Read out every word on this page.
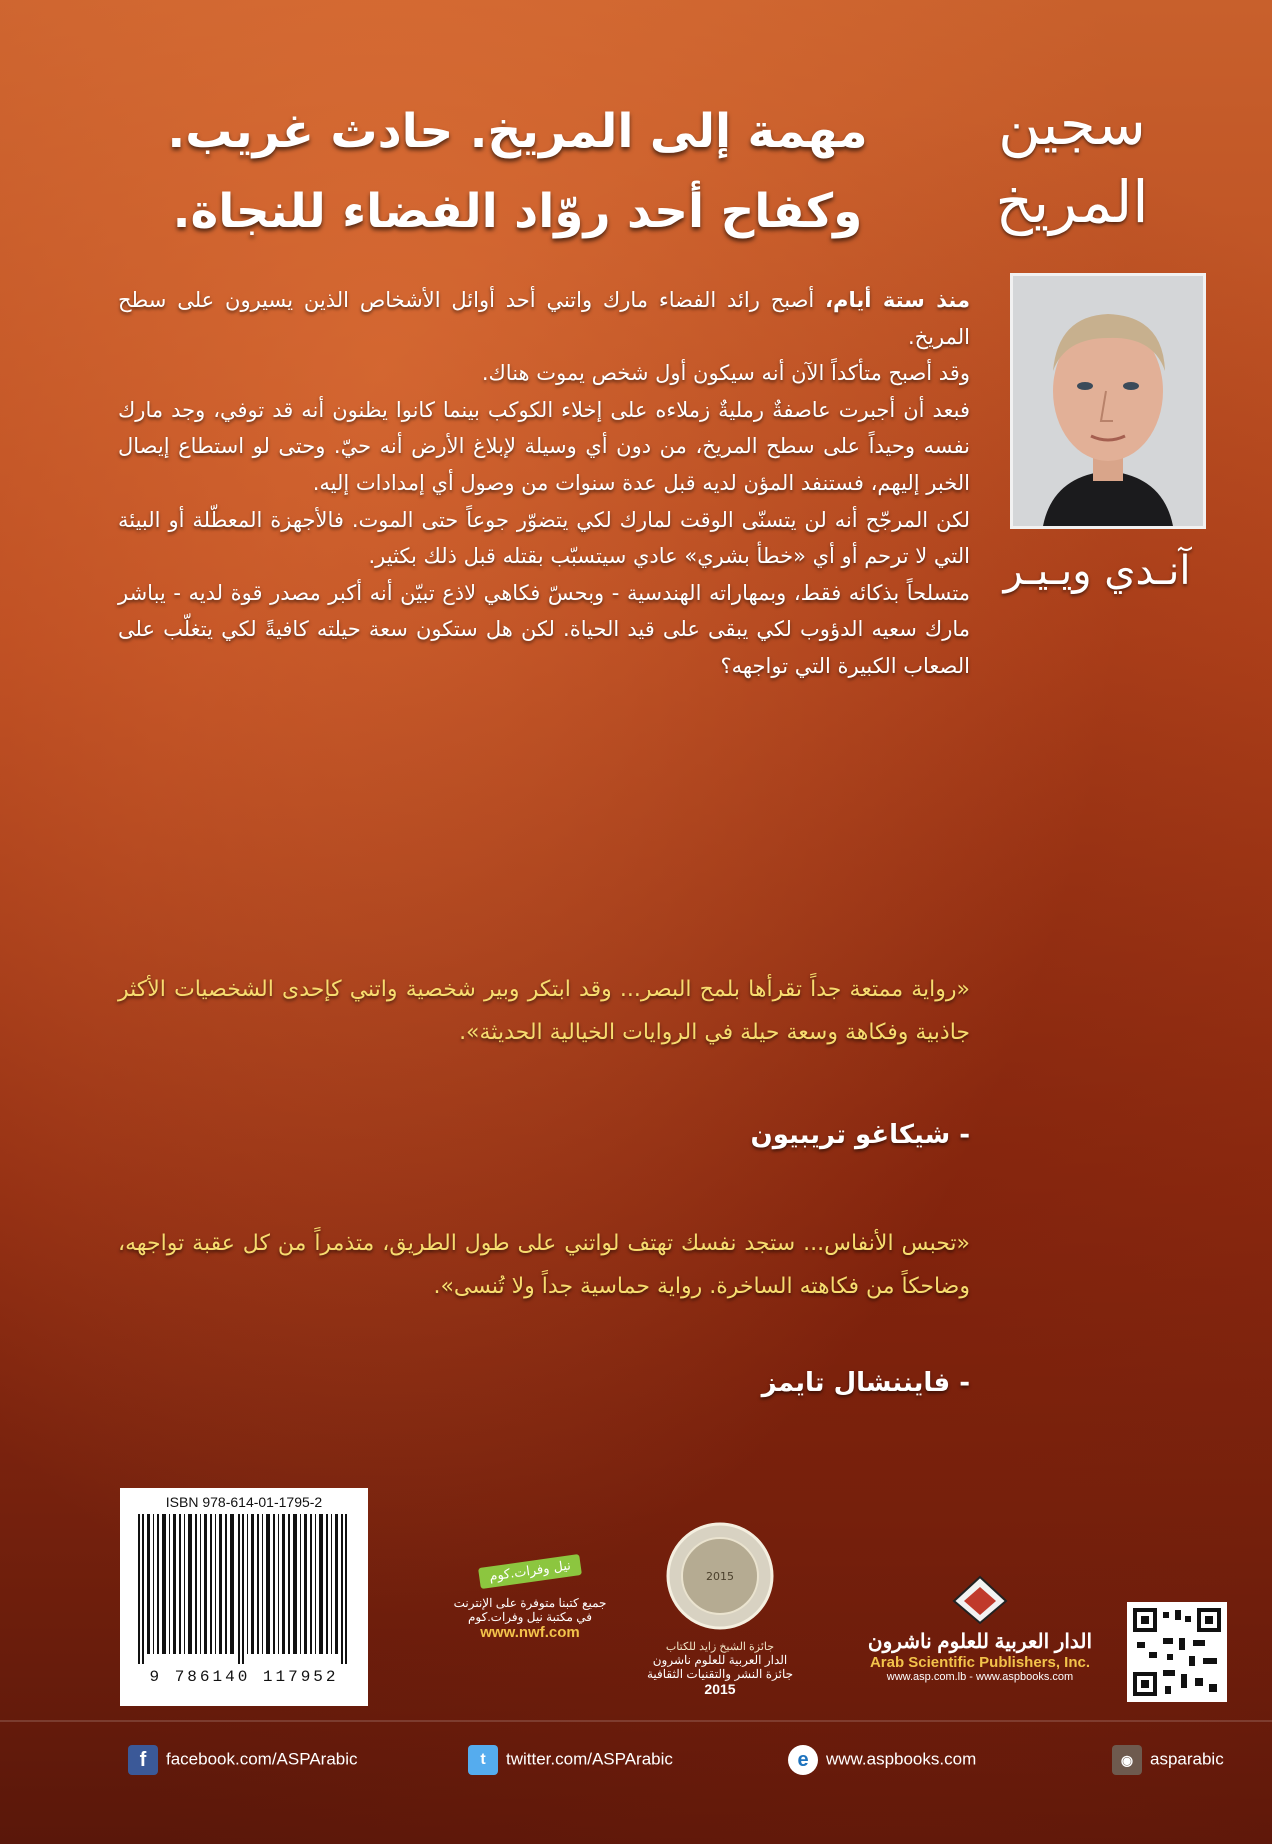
سجين
المريخ
آنـدي ويـيـر
مهمة إلى المريخ. حادث غريب.
وكفاح أحد روّاد الفضاء للنجاة.

منذ ستة أيام، أصبح رائد الفضاء مارك واتني أحد أوائل الأشخاص الذين يسيرون على سطح المريخ.

وقد أصبح متأكداً الآن أنه سيكون أول شخص يموت هناك.

فبعد أن أجبرت عاصفةٌ رمليةٌ زملاءه على إخلاء الكوكب بينما كانوا يظنون أنه قد توفي، وجد مارك نفسه وحيداً على سطح المريخ، من دون أي وسيلة لإبلاغ الأرض أنه حيّ. وحتى لو استطاع إيصال الخبر إليهم، فستنفد المؤن لديه قبل عدة سنوات من وصول أي إمدادات إليه.

لكن المرجّح أنه لن يتسنّى الوقت لمارك لكي يتضوّر جوعاً حتى الموت. فالأجهزة المعطّلة أو البيئة التي لا ترحم أو أي «خطأ بشري» عادي سيتسبّب بقتله قبل ذلك بكثير.

متسلحاً بذكائه فقط، وبمهاراته الهندسية - وبحسّ فكاهي لاذع تبيّن أنه أكبر مصدر قوة لديه - يباشر مارك سعيه الدؤوب لكي يبقى على قيد الحياة. لكن هل ستكون سعة حيلته كافيةً لكي يتغلّب على الصعاب الكبيرة التي تواجهه؟

«رواية ممتعة جداً تقرأها بلمح البصر... وقد ابتكر وبير شخصية واتني كإحدى الشخصيات الأكثر جاذبية وفكاهة وسعة حيلة في الروايات الخيالية الحديثة».

- شيكاغو تريبيون

«تحبس الأنفاس... ستجد نفسك تهتف لواتني على طول الطريق، متذمراً من كل عقبة تواجهه، وضاحكاً من فكاهته الساخرة. رواية حماسية جداً ولا تُنسى».

- فايننشال تايمز
ISBN 978-614-01-1795-2
9 786140 117952
نيل وفرات.كوم
جميع كتبنا متوفرة على الإنترنت
في مكتبة نيل وفرات.كوم
www.nwf.com
2015
جائزة الشيخ زايد للكتاب
الدار العربية للعلوم ناشرون
جائزة النشر والتقنيات الثقافية
2015
الدار العربية للعلوم ناشرون
Arab Scientific Publishers, Inc.
www.asp.com.lb - www.aspbooks.com
f facebook.com/ASPArabic	t twitter.com/ASPArabic	e www.aspbooks.com	◉ asparabic
